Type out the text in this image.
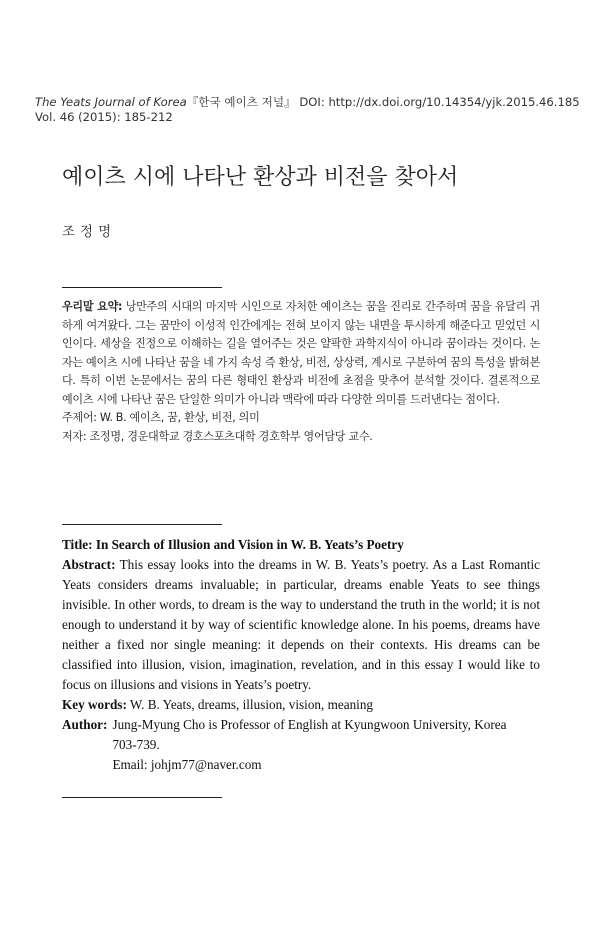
The Yeats Journal of Korea『한국 예이츠 저널』 DOI: http://dx.doi.org/10.14354/yjk.2015.46.185
Vol. 46 (2015): 185-212
예이츠 시에 나타난 환상과 비전을 찾아서
조정명

우리말 요약: 낭만주의 시대의 마지막 시인으로 자처한 예이츠는 꿈을 진리로 간주하며 꿈을 유달리 귀하게 여겨왔다. 그는 꿈만이 이성적 인간에게는 전혀 보이지 않는 내면을 투시하게 해준다고 믿었던 시인이다. 세상을 진정으로 이해하는 길을 열어주는 것은 얄팍한 과학지식이 아니라 꿈이라는 것이다. 논자는 예이츠 시에 나타난 꿈을 네 가지 속성 즉 환상, 비전, 상상력, 계시로 구분하여 꿈의 특성을 밝혀본다. 특히 이번 논문에서는 꿈의 다른 형태인 환상과 비전에 초점을 맞추어 분석할 것이다. 결론적으로 예이츠 시에 나타난 꿈은 단일한 의미가 아니라 맥락에 따라 다양한 의미를 드러낸다는 점이다.

주제어: W. B. 예이츠, 꿈, 환상, 비전, 의미

저자: 조정명, 경운대학교 경호스포츠대학 경호학부 영어담당 교수.

Title: In Search of Illusion and Vision in W. B. Yeats’s Poetry

Abstract: This essay looks into the dreams in W. B. Yeats’s poetry. As a Last Romantic Yeats considers dreams invaluable; in particular, dreams enable Yeats to see things invisible. In other words, to dream is the way to understand the truth in the world; it is not enough to understand it by way of scientific knowledge alone. In his poems, dreams have neither a fixed nor single meaning: it depends on their contexts. His dreams can be classified into illusion, vision, imagination, revelation, and in this essay I would like to focus on illusions and visions in Yeats’s poetry.

Key words: W. B. Yeats, dreams, illusion, vision, meaning

Author: Jung-Myung Cho is Professor of English at Kyungwoon University, Korea
703-739.
Email: johjm77@naver.com
